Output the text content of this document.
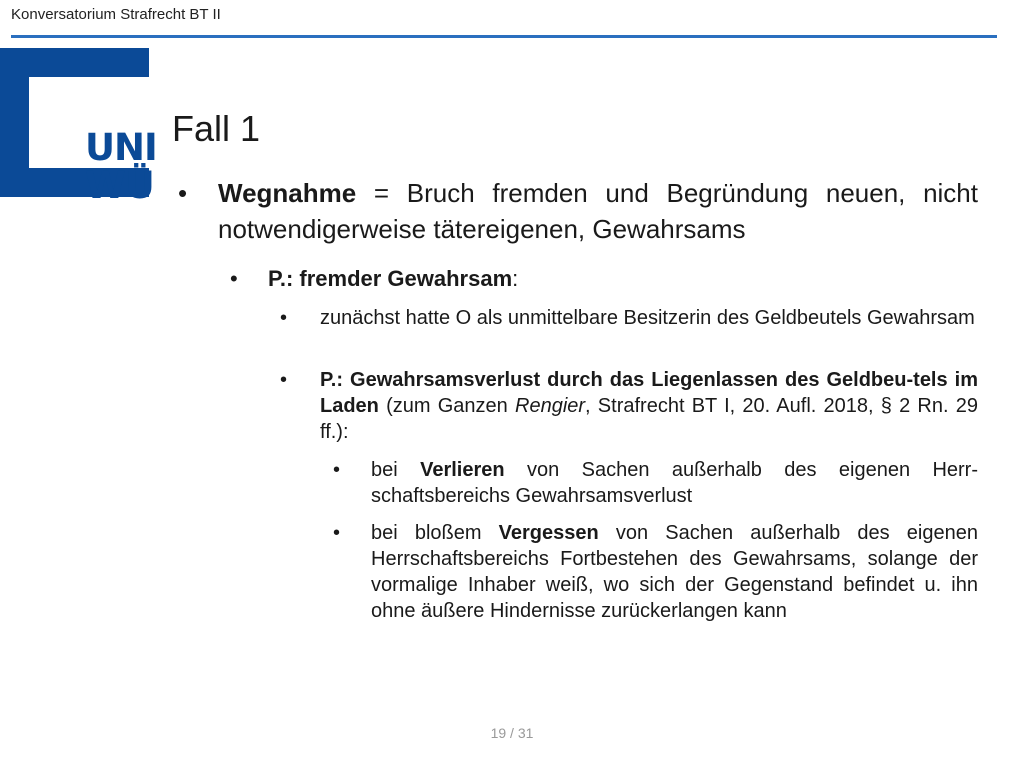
Konversatorium Strafrecht BT II
UNI
WÜ
Fall 1
• Wegnahme = Bruch fremden und Begründung neuen, nicht notwendigerweise tätereigenen, Gewahrsams
• P.: fremder Gewahrsam:
• zunächst hatte O als unmittelbare Besitzerin des Geldbeutels Gewahrsam
• P.: Gewahrsamsverlust durch das Liegenlassen des Geldbeu-tels im Laden (zum Ganzen Rengier, Strafrecht BT I, 20. Aufl. 2018, § 2 Rn. 29 ff.):
• bei Verlieren von Sachen außerhalb des eigenen Herr-schaftsbereichs Gewahrsamsverlust
• bei bloßem Vergessen von Sachen außerhalb des eigenen Herrschaftsbereichs Fortbestehen des Gewahrsams, solange der vormalige Inhaber weiß, wo sich der Gegenstand befindet u. ihn ohne äußere Hindernisse zurückerlangen kann
19 / 31
